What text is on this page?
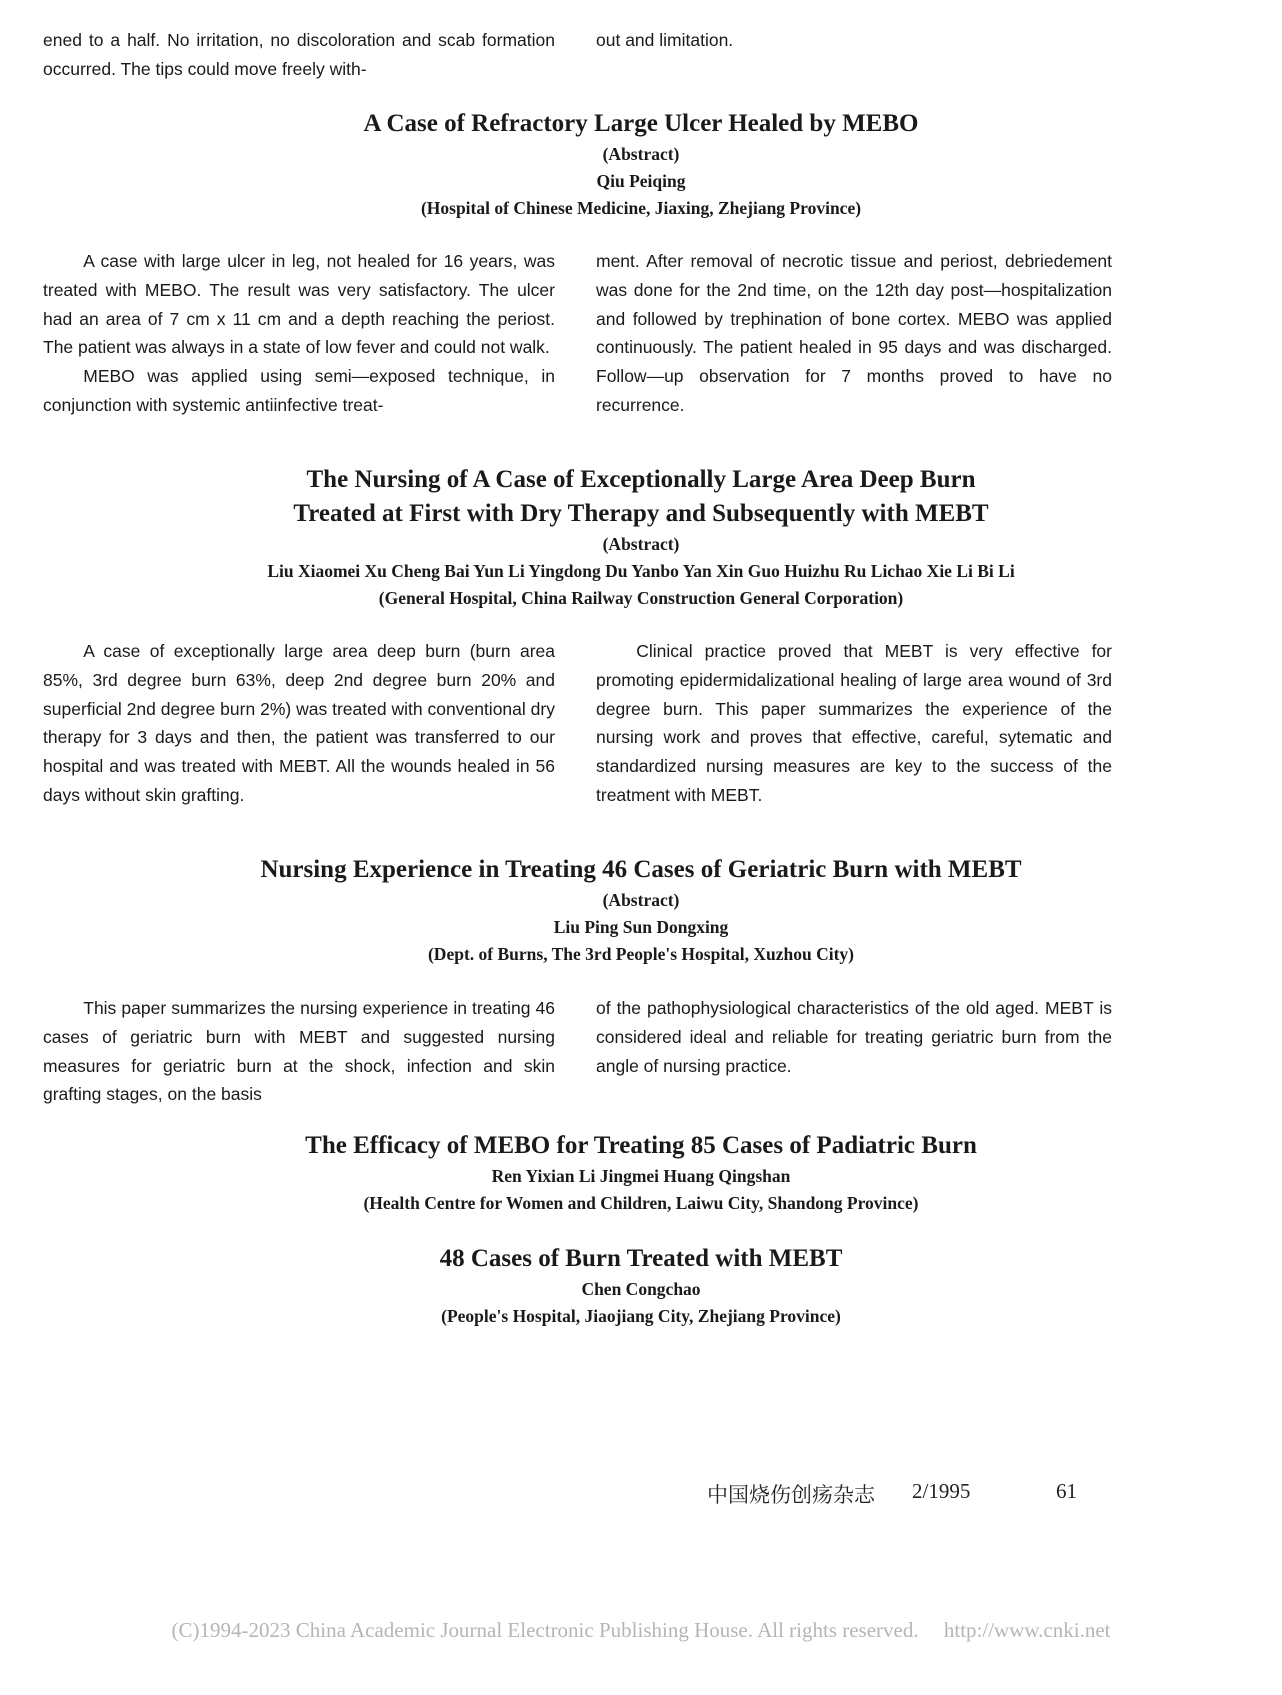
ened to a half. No irritation, no discoloration and scab formation occurred. The tips could move freely with-

out and limitation.

A Case of Refractory Large Ulcer Healed by MEBO
(Abstract)
Qiu Peiqing
(Hospital of Chinese Medicine, Jiaxing, Zhejiang Province)

A case with large ulcer in leg, not healed for 16 years, was treated with MEBO. The result was very satisfactory. The ulcer had an area of 7 cm x 11 cm and a depth reaching the periost. The patient was always in a state of low fever and could not walk.

MEBO was applied using semi—exposed technique, in conjunction with systemic antiinfective treat-

ment. After removal of necrotic tissue and periost, debriedement was done for the 2nd time, on the 12th day post—hospitalization and followed by trephination of bone cortex. MEBO was applied continuously. The patient healed in 95 days and was discharged. Follow—up observation for 7 months proved to have no recurrence.

The Nursing of A Case of Exceptionally Large Area Deep Burn
Treated at First with Dry Therapy and Subsequently with MEBT
(Abstract)
Liu Xiaomei Xu Cheng Bai Yun Li Yingdong Du Yanbo Yan Xin Guo Huizhu Ru Lichao Xie Li Bi Li
(General Hospital, China Railway Construction General Corporation)

A case of exceptionally large area deep burn (burn area 85%, 3rd degree burn 63%, deep 2nd degree burn 20% and superficial 2nd degree burn 2%) was treated with conventional dry therapy for 3 days and then, the patient was transferred to our hospital and was treated with MEBT. All the wounds healed in 56 days without skin grafting.

Clinical practice proved that MEBT is very effective for promoting epidermidalizational healing of large area wound of 3rd degree burn. This paper summarizes the experience of the nursing work and proves that effective, careful, sytematic and standardized nursing measures are key to the success of the treatment with MEBT.

Nursing Experience in Treating 46 Cases of Geriatric Burn with MEBT
(Abstract)
Liu Ping Sun Dongxing
(Dept. of Burns, The 3rd People's Hospital, Xuzhou City)

This paper summarizes the nursing experience in treating 46 cases of geriatric burn with MEBT and suggested nursing measures for geriatric burn at the shock, infection and skin grafting stages, on the basis

of the pathophysiological characteristics of the old aged. MEBT is considered ideal and reliable for treating geriatric burn from the angle of nursing practice.

The Efficacy of MEBO for Treating 85 Cases of Padiatric Burn
Ren Yixian Li Jingmei Huang Qingshan
(Health Centre for Women and Children, Laiwu City, Shandong Province)
48 Cases of Burn Treated with MEBT
Chen Congchao
(People's Hospital, Jiaojiang City, Zhejiang Province)
中国烧伤创疡杂志 2/1995	61
(C)1994-2023 China Academic Journal Electronic Publishing House. All rights reserved. http://www.cnki.net
